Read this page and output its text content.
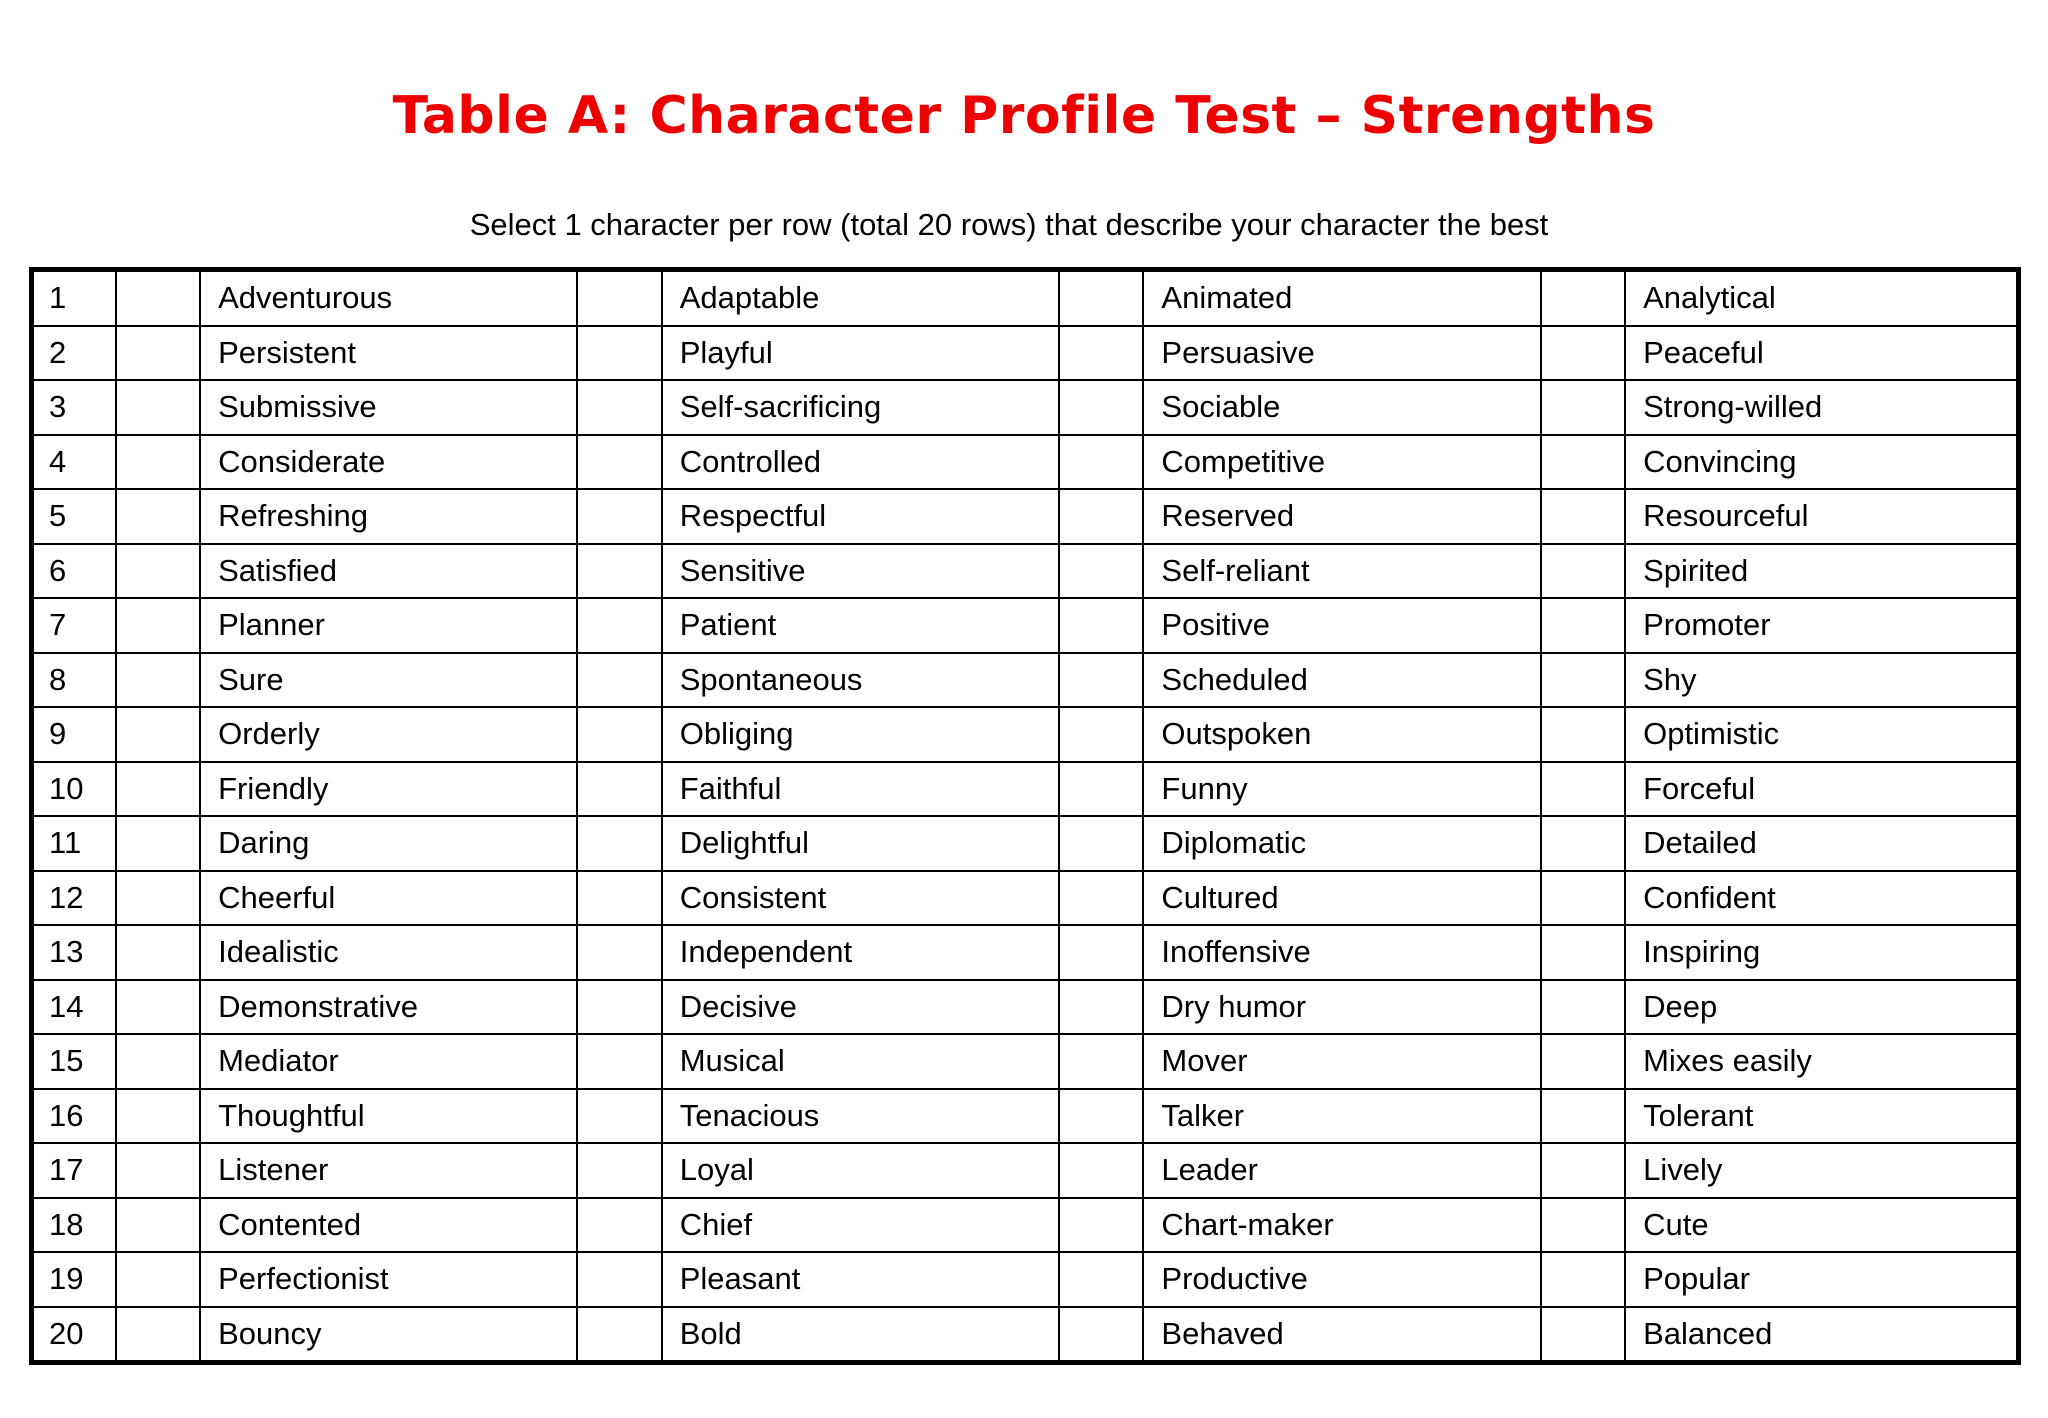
Table A: Character Profile Test – Strengths
Select 1 character per row (total 20 rows) that describe your character the best
1		Adventurous		Adaptable		Animated		Analytical
2		Persistent		Playful		Persuasive		Peaceful
3		Submissive		Self-sacrificing		Sociable		Strong-willed
4		Considerate		Controlled		Competitive		Convincing
5		Refreshing		Respectful		Reserved		Resourceful
6		Satisfied		Sensitive		Self-reliant		Spirited
7		Planner		Patient		Positive		Promoter
8		Sure		Spontaneous		Scheduled		Shy
9		Orderly		Obliging		Outspoken		Optimistic
10		Friendly		Faithful		Funny		Forceful
11		Daring		Delightful		Diplomatic		Detailed
12		Cheerful		Consistent		Cultured		Confident
13		Idealistic		Independent		Inoffensive		Inspiring
14		Demonstrative		Decisive		Dry humor		Deep
15		Mediator		Musical		Mover		Mixes easily
16		Thoughtful		Tenacious		Talker		Tolerant
17		Listener		Loyal		Leader		Lively
18		Contented		Chief		Chart-maker		Cute
19		Perfectionist		Pleasant		Productive		Popular
20		Bouncy		Bold		Behaved		Balanced
